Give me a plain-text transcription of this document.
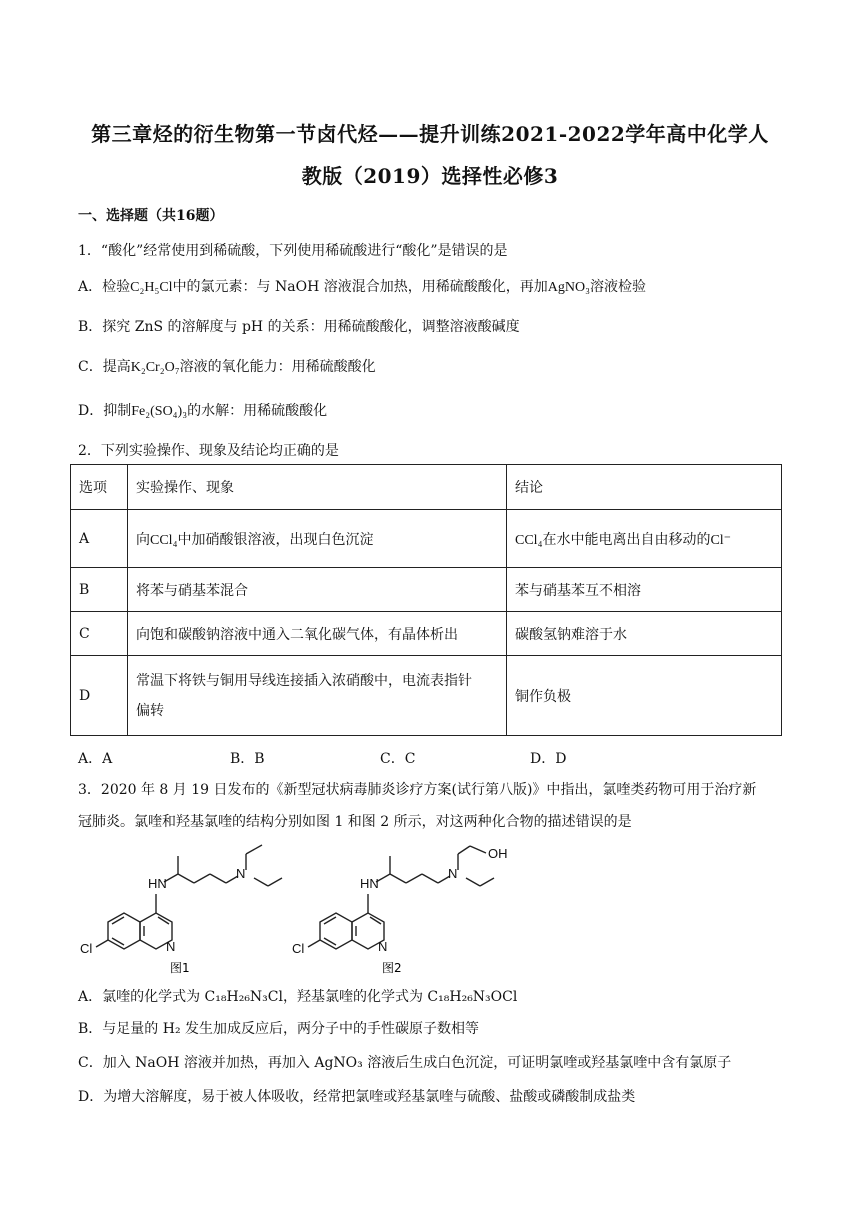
第三章烃的衍生物第一节卤代烃——提升训练2021-2022学年高中化学人
教版（2019）选择性必修3
一、选择题（共16题）
1．“酸化”经常使用到稀硫酸，下列使用稀硫酸进行“酸化”是错误的是
A．检验C₂H₅Cl中的氯元素：与 NaOH 溶液混合加热，用稀硫酸酸化，再加AgNO₃溶液检验
B．探究 ZnS 的溶解度与 pH 的关系：用稀硫酸酸化，调整溶液酸碱度
C．提高K₂Cr₂O₇溶液的氧化能力：用稀硫酸酸化
D．抑制Fe₂(SO₄)₃的水解：用稀硫酸酸化
2．下列实验操作、现象及结论均正确的是
选项	实验操作、现象	结论
A	向CCl₄中加硝酸银溶液，出现白色沉淀	CCl₄在水中能电离出自由移动的Cl⁻
B	将苯与硝基苯混合	苯与硝基苯互不相溶
C	向饱和碳酸钠溶液中通入二氧化碳气体，有晶体析出	碳酸氢钠难溶于水
D	常温下将铁与铜用导线连接插入浓硝酸中，电流表指针
偏转	铜作负极
A．A	B．B	C．C	D．D
3．2020 年 8 月 19 日发布的《新型冠状病毒肺炎诊疗方案(试行第八版)》中指出，氯喹类药物可用于治疗新
冠肺炎。氯喹和羟基氯喹的结构分别如图 1 和图 2 所示，对这两种化合物的描述错误的是
HN
N
N
Cl
图1
HN
N
OH
N
Cl
图2
A．氯喹的化学式为 C₁₈H₂₆N₃Cl，羟基氯喹的化学式为 C₁₈H₂₆N₃OCl
B．与足量的 H₂ 发生加成反应后，两分子中的手性碳原子数相等
C．加入 NaOH 溶液并加热，再加入 AgNO₃ 溶液后生成白色沉淀，可证明氯喹或羟基氯喹中含有氯原子
D．为增大溶解度，易于被人体吸收，经常把氯喹或羟基氯喹与硫酸、盐酸或磷酸制成盐类
